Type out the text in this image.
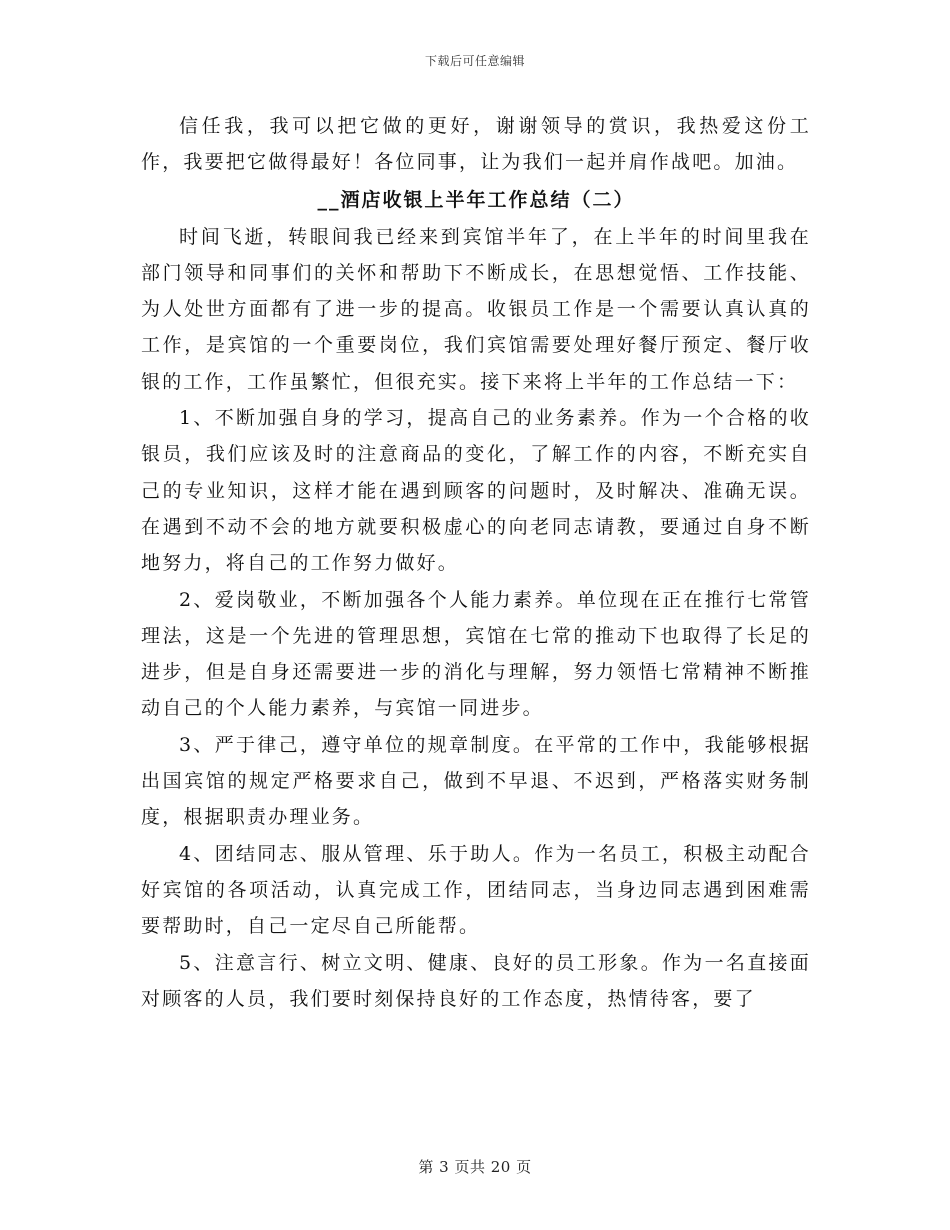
下载后可任意编辑

信任我，我可以把它做的更好，谢谢领导的赏识，我热爱这份工作，我要把它做得最好！各位同事，让为我们一起并肩作战吧。加油。

__酒店收银上半年工作总结（二）

时间飞逝，转眼间我已经来到宾馆半年了，在上半年的时间里我在部门领导和同事们的关怀和帮助下不断成长，在思想觉悟、工作技能、为人处世方面都有了进一步的提高。收银员工作是一个需要认真认真的工作，是宾馆的一个重要岗位，我们宾馆需要处理好餐厅预定、餐厅收银的工作，工作虽繁忙，但很充实。接下来将上半年的工作总结一下：

1、不断加强自身的学习，提高自己的业务素养。作为一个合格的收银员，我们应该及时的注意商品的变化，了解工作的内容，不断充实自己的专业知识，这样才能在遇到顾客的问题时，及时解决、准确无误。在遇到不动不会的地方就要积极虚心的向老同志请教，要通过自身不断地努力，将自己的工作努力做好。

2、爱岗敬业，不断加强各个人能力素养。单位现在正在推行七常管理法，这是一个先进的管理思想，宾馆在七常的推动下也取得了长足的进步，但是自身还需要进一步的消化与理解，努力领悟七常精神不断推动自己的个人能力素养，与宾馆一同进步。

3、严于律己，遵守单位的规章制度。在平常的工作中，我能够根据出国宾馆的规定严格要求自己，做到不早退、不迟到，严格落实财务制度，根据职责办理业务。

4、团结同志、服从管理、乐于助人。作为一名员工，积极主动配合好宾馆的各项活动，认真完成工作，团结同志，当身边同志遇到困难需要帮助时，自己一定尽自己所能帮。

5、注意言行、树立文明、健康、良好的员工形象。作为一名直接面对顾客的人员，我们要时刻保持良好的工作态度，热情待客，要了

第 3 页共 20 页
